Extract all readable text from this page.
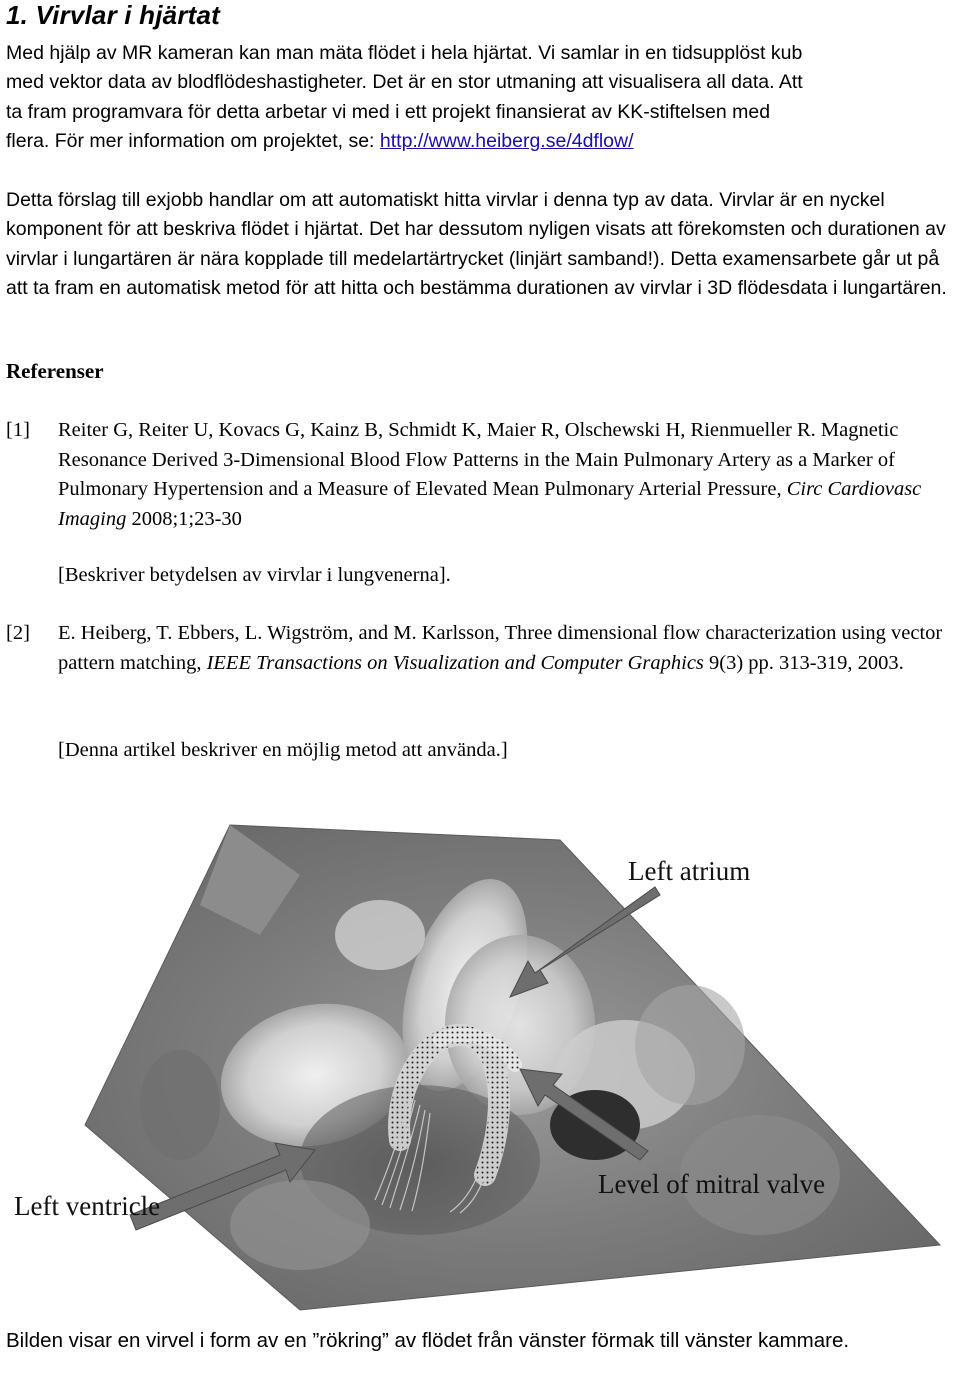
1. Virvlar i hjärtat
Med hjälp av MR kameran kan man mäta flödet i hela hjärtat. Vi samlar in en tidsupplöst kub
med vektor data av blodflödeshastigheter. Det är en stor utmaning att visualisera all data. Att
ta fram programvara för detta arbetar vi med i ett projekt finansierat av KK-stiftelsen med
flera. För mer information om projektet, se: http://www.heiberg.se/4dflow/

Detta förslag till exjobb handlar om att automatiskt hitta virvlar i denna typ av data. Virvlar är en nyckel komponent för att beskriva flödet i hjärtat. Det har dessutom nyligen visats att förekomsten och durationen av virvlar i lungartären är nära kopplade till medelartärtrycket (linjärt samband!). Detta examensarbete går ut på att ta fram en automatisk metod för att hitta och bestämma durationen av virvlar i 3D flödesdata i lungartären.

Referenser
[1] Reiter G, Reiter U, Kovacs G, Kainz B, Schmidt K, Maier R, Olschewski H, Rienmueller R. Magnetic Resonance Derived 3-Dimensional Blood Flow Patterns in the Main Pulmonary Artery as a Marker of Pulmonary Hypertension and a Measure of Elevated Mean Pulmonary Arterial Pressure, Circ Cardiovasc Imaging 2008;1;23-30
[Beskriver betydelsen av virvlar i lungvenerna].
[2] E. Heiberg, T. Ebbers, L. Wigström, and M. Karlsson, Three dimensional flow characterization using vector pattern matching, IEEE Transactions on Visualization and Computer Graphics 9(3) pp. 313-319, 2003.
[Denna artikel beskriver en möjlig metod att använda.]
Left atrium
Left ventricle
Level of mitral valve

Bilden visar en virvel i form av en ”rökring” av flödet från vänster förmak till vänster kammare.
